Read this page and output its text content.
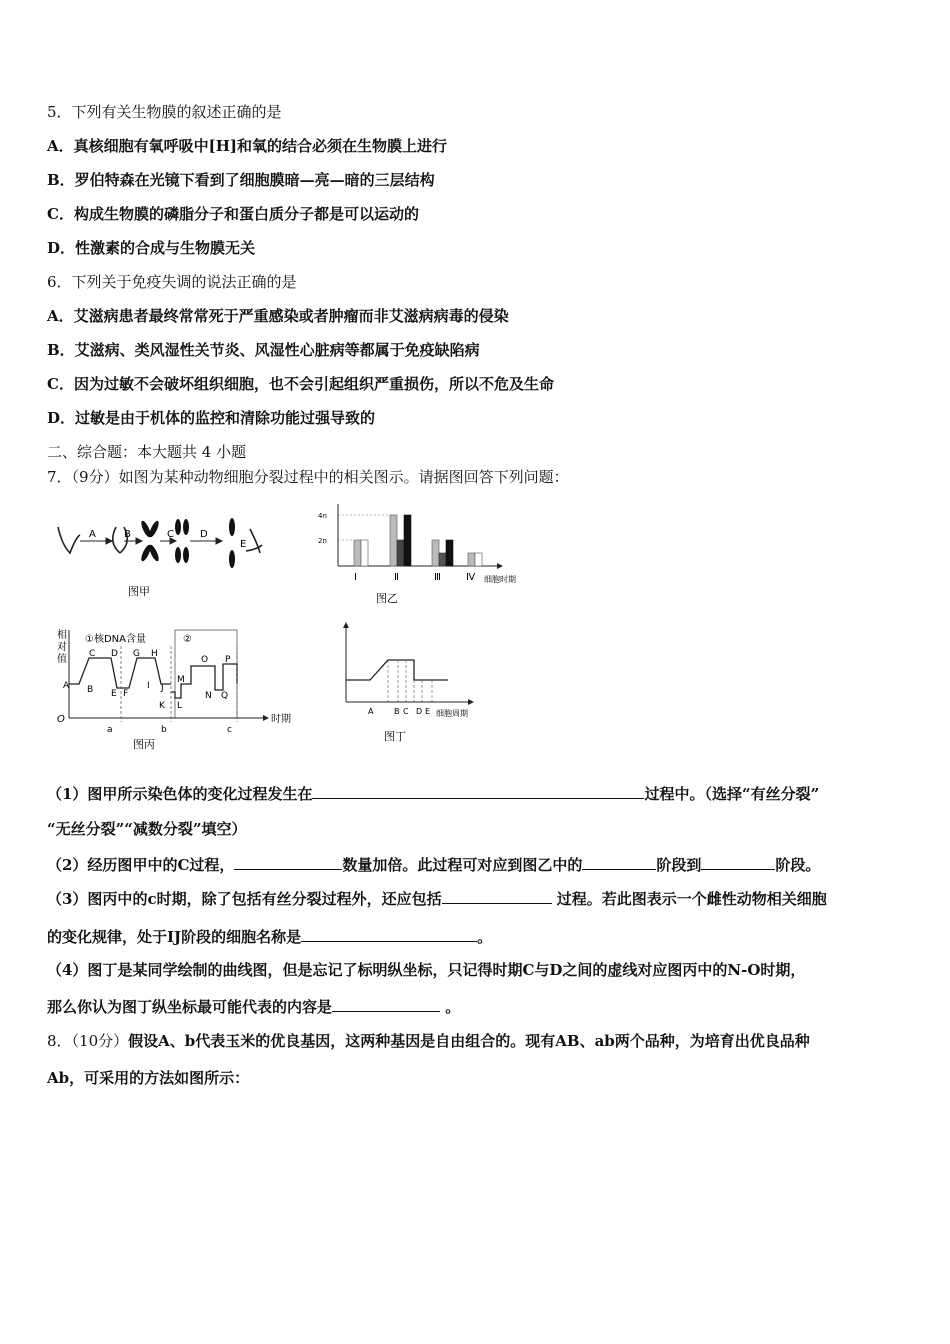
5．下列有关生物膜的叙述正确的是
A．真核细胞有氧呼吸中[H]和氧的结合必须在生物膜上进行
B．罗伯特森在光镜下看到了细胞膜暗—亮—暗的三层结构
C．构成生物膜的磷脂分子和蛋白质分子都是可以运动的
D．性激素的合成与生物膜无关
6．下列关于免疫失调的说法正确的是
A．艾滋病患者最终常常死于严重感染或者肿瘤而非艾滋病病毒的侵染
B．艾滋病、类风湿性关节炎、风湿性心脏病等都属于免疫缺陷病
C．因为过敏不会破坏组织细胞，也不会引起组织严重损伤，所以不危及生命
D．过敏是由于机体的监控和清除功能过强导致的
二、综合题：本大题共 4 小题
7．（9分）如图为某种动物细胞分裂过程中的相关图示。请据图回答下列问题：
A	B	C	D
E
图甲
4n
2n
Ⅰ	Ⅱ	Ⅲ	Ⅳ 细胞时期
图乙
相
对
值
O	时期
①核DNA含量	②
A B
C D
E F
G H
I J
K L
M
N
O P
Q
a	b	c
图丙
A	B C D E 细胞周期
图丁
（1）图甲所示染色体的变化过程发生在	过程中。（选择“有丝分裂”
“无丝分裂”“减数分裂”填空）
（2）经历图甲中的C过程，	数量加倍。此过程可对应到图乙中的	阶段到	阶段。
（3）图丙中的c时期，除了包括有丝分裂过程外，还应包括	过程。若此图表示一个雌性动物相关细胞
的变化规律，处于IJ阶段的细胞名称是	。
（4）图丁是某同学绘制的曲线图，但是忘记了标明纵坐标，只记得时期C与D之间的虚线对应图丙中的N-O时期，
那么你认为图丁纵坐标最可能代表的内容是	。
8．（10分）假设A、b代表玉米的优良基因，这两种基因是自由组合的。现有AB、ab两个品种，为培育出优良品种
Ab，可采用的方法如图所示：
